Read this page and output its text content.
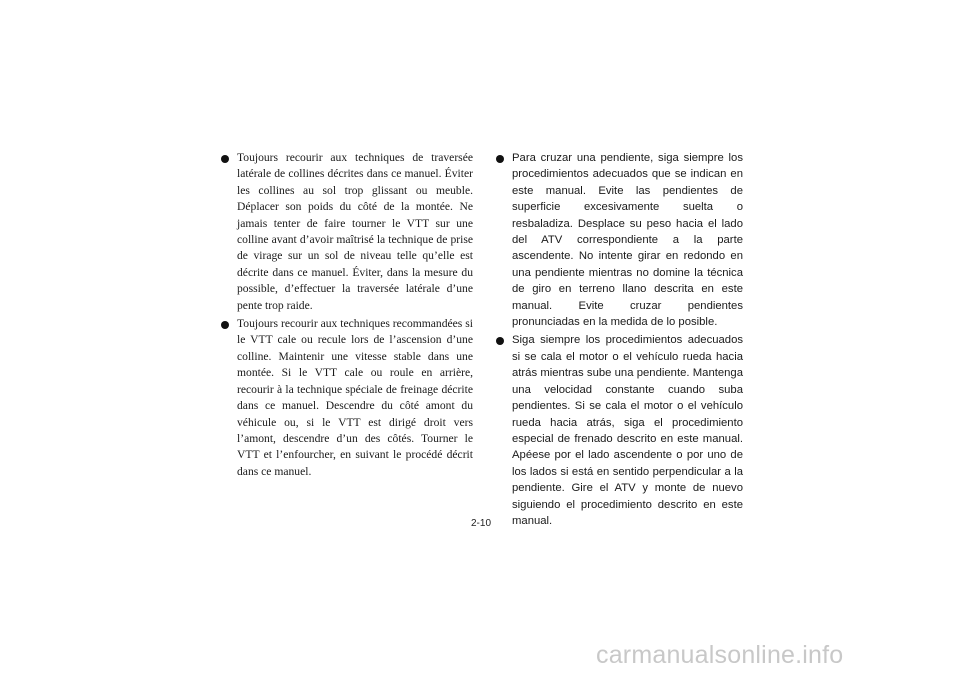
Toujours recourir aux techniques de traversée latérale de collines décrites dans ce manuel. Éviter les collines au sol trop glissant ou meuble. Déplacer son poids du côté de la montée. Ne jamais tenter de faire tourner le VTT sur une colline avant d’avoir maîtrisé la technique de prise de virage sur un sol de niveau telle qu’elle est décrite dans ce manuel. Éviter, dans la mesure du possible, d’effectuer la traversée latérale d’une pente trop raide.
Toujours recourir aux techniques recommandées si le VTT cale ou recule lors de l’ascension d’une colline. Maintenir une vitesse stable dans une montée. Si le VTT cale ou roule en arrière, recourir à la technique spéciale de freinage décrite dans ce manuel. Descendre du côté amont du véhicule ou, si le VTT est dirigé droit vers l’amont, descendre d’un des côtés. Tourner le VTT et l’enfourcher, en suivant le procédé décrit dans ce manuel.
Para cruzar una pendiente, siga siempre los procedimientos adecuados que se indican en este manual. Evite las pendientes de superficie excesivamente suelta o resbaladiza. Desplace su peso hacia el lado del ATV correspondiente a la parte ascendente. No intente girar en redondo en una pendiente mientras no domine la técnica de giro en terreno llano descrita en este manual. Evite cruzar pendientes pronunciadas en la medida de lo posible.
Siga siempre los procedimientos adecuados si se cala el motor o el vehículo rueda hacia atrás mientras sube una pendiente. Mantenga una velocidad constante cuando suba pendientes. Si se cala el motor o el vehículo rueda hacia atrás, siga el procedimiento especial de frenado descrito en este manual. Apéese por el lado ascendente o por uno de los lados si está en sentido perpendicular a la pendiente. Gire el ATV y monte de nuevo siguiendo el procedimiento descrito en este manual.
2-10
carmanualsonline.info
